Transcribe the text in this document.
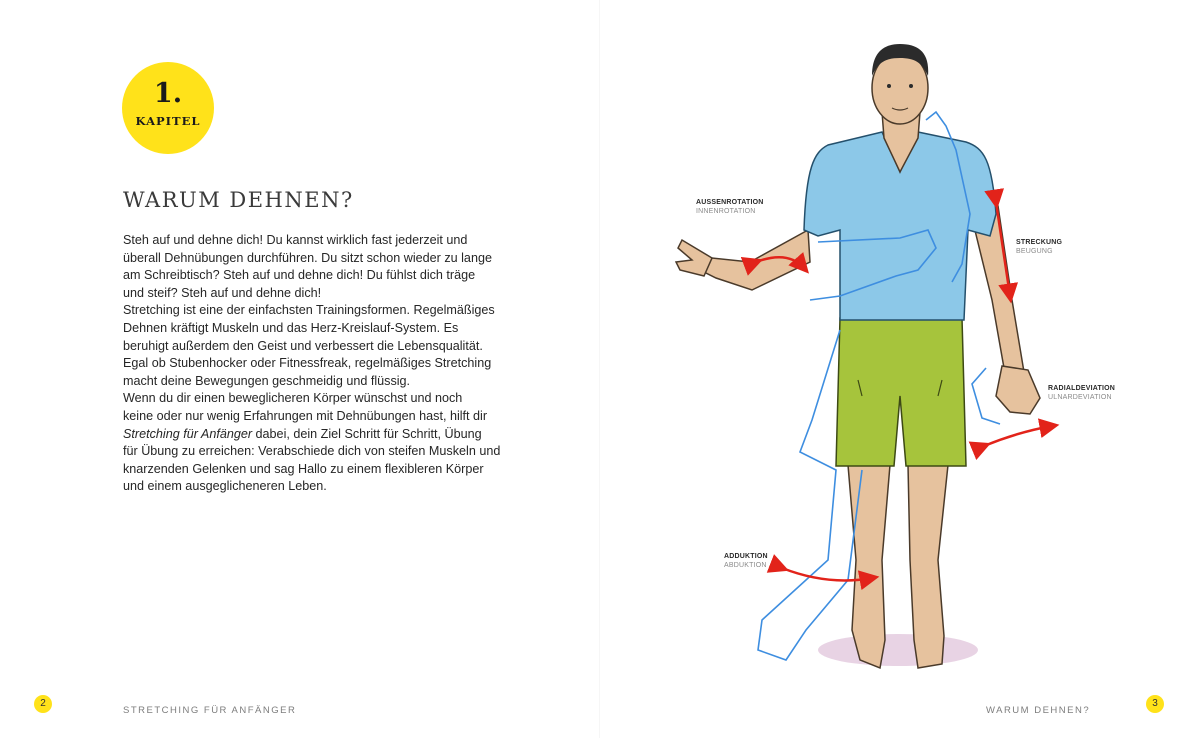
1.
KAPITEL
WARUM DEHNEN?
Steh auf und dehne dich! Du kannst wirklich fast jederzeit und
überall Dehnübungen durchführen. Du sitzt schon wieder zu lange
am Schreibtisch? Steh auf und dehne dich! Du fühlst dich träge
und steif? Steh auf und dehne dich!
Stretching ist eine der einfachsten Trainingsformen. Regelmäßiges
Dehnen kräftigt Muskeln und das Herz-Kreislauf-System. Es
beruhigt außerdem den Geist und verbessert die Lebensqualität.
Egal ob Stubenhocker oder Fitnessfreak, regelmäßiges Stretching
macht deine Bewegungen geschmeidig und flüssig.
Wenn du dir einen beweglicheren Körper wünschst und noch
keine oder nur wenig Erfahrungen mit Dehnübungen hast, hilft dir
Stretching für Anfänger dabei, dein Ziel Schritt für Schritt, Übung
für Übung zu erreichen: Verabschiede dich von steifen Muskeln und
knarzenden Gelenken und sag Hallo zu einem flexibleren Körper
und einem ausgeglicheneren Leben.
2
STRETCHING FÜR ANFÄNGER
AUSSENROTATION
INNENROTATION
STRECKUNG
BEUGUNG
RADIALDEVIATION
ULNARDEVIATION
ADDUKTION
ABDUKTION
WARUM DEHNEN?
3
